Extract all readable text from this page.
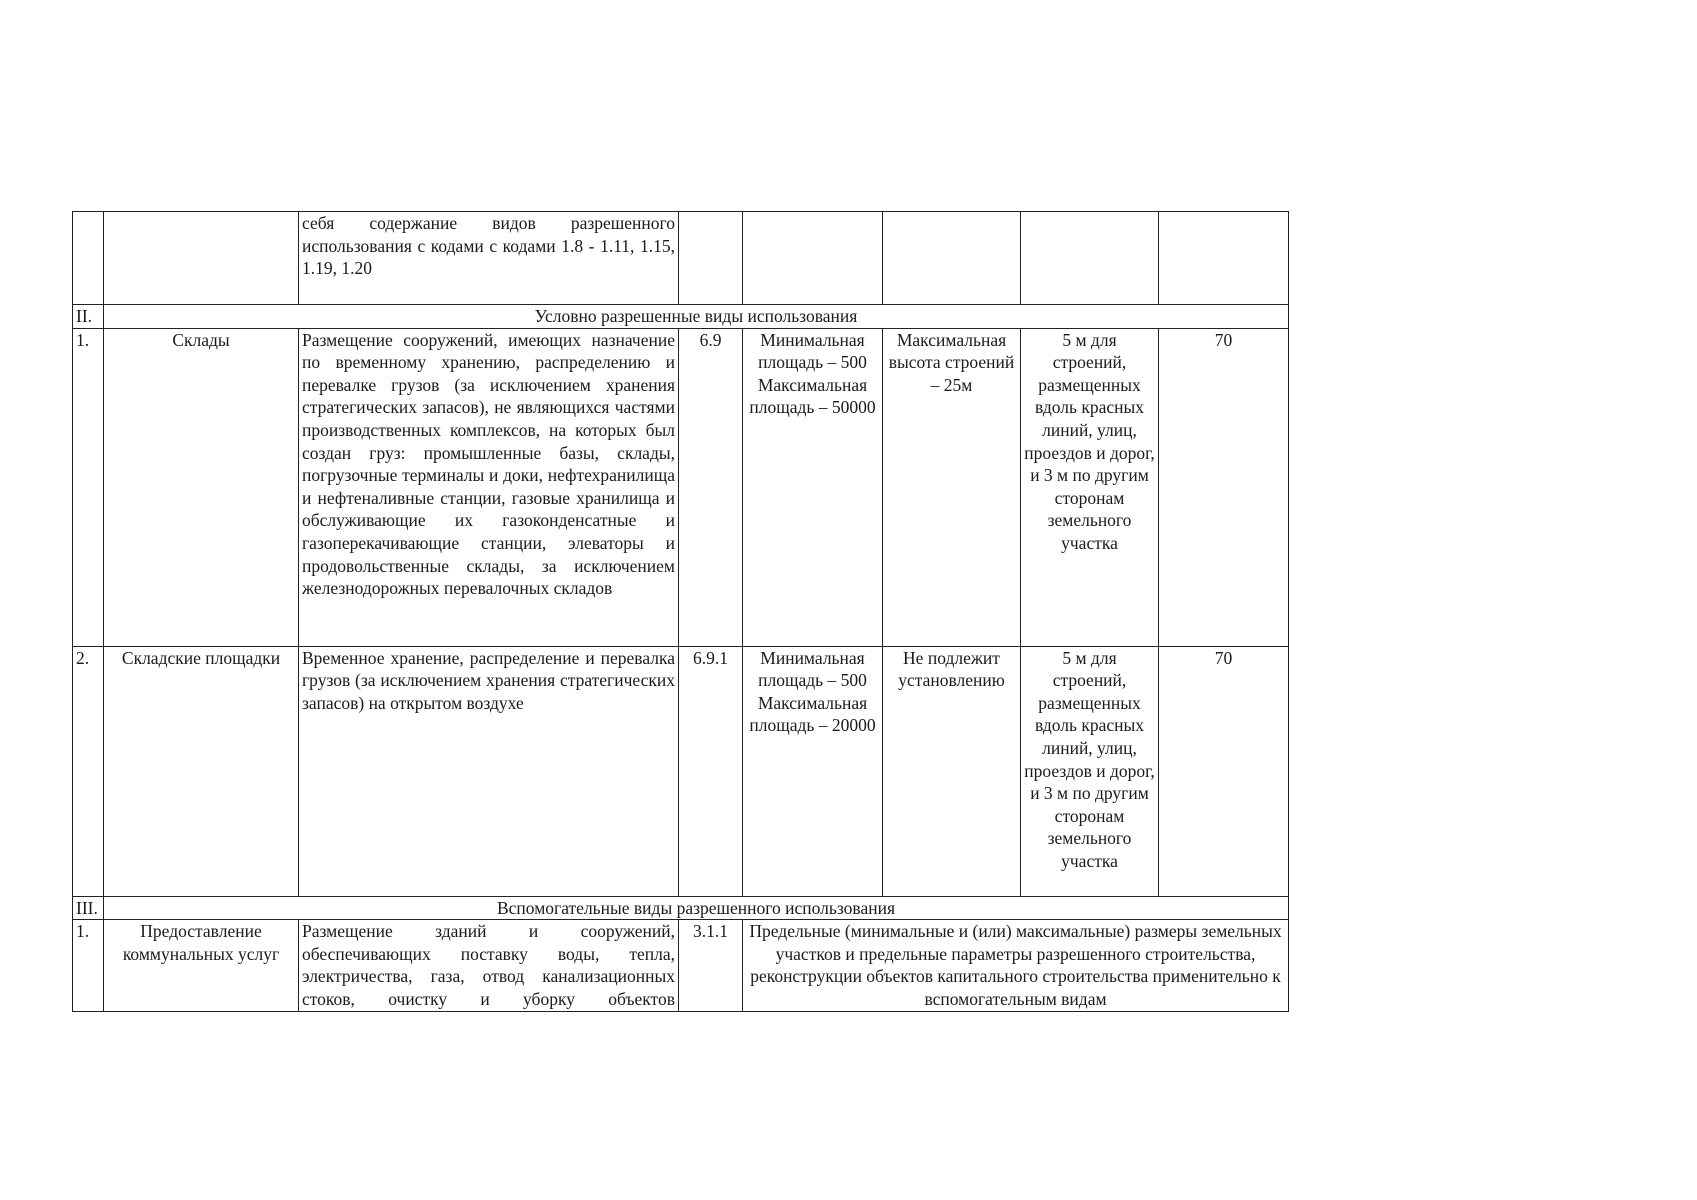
		себя содержание видов разрешенного использования с кодами с кодами 1.8 - 1.11, 1.15, 1.19, 1.20					
II.	Условно разрешенные виды использования						
1.	Склады	Размещение сооружений, имеющих назначение по временному хранению, распределению и перевалке грузов (за исключением хранения стратегических запасов), не являющихся частями производственных комплексов, на которых был создан груз: промышленные базы, склады, погрузочные терминалы и доки, нефтехранилища и нефтеналивные станции, газовые хранилища и обслуживающие их газоконденсатные и газоперекачивающие станции, элеваторы и продовольственные склады, за исключением железнодорожных перевалочных складов	6.9	Минимальная площадь – 500 Максимальная площадь – 50000	Максимальная высота строений – 25м	5 м для строений, размещенных вдоль красных линий, улиц, проездов и дорог, и 3 м по другим сторонам земельного участка	70
2.	Складские площадки	Временное хранение, распределение и перевалка грузов (за исключением хранения стратегических запасов) на открытом воздухе	6.9.1	Минимальная площадь – 500 Максимальная площадь – 20000	Не подлежит установлению	5 м для строений, размещенных вдоль красных линий, улиц, проездов и дорог, и 3 м по другим сторонам земельного участка	70
III.	Вспомогательные виды разрешенного использования						
1.	Предоставление коммунальных услуг	Размещение зданий и сооружений, обеспечивающих поставку воды, тепла, электричества, газа, отвод канализационных стоков, очистку и уборку объектов	3.1.1	Предельные (минимальные и (или) максимальные) размеры земельных участков и предельные параметры разрешенного строительства, реконструкции объектов капитального строительства применительно к вспомогательным видам			
